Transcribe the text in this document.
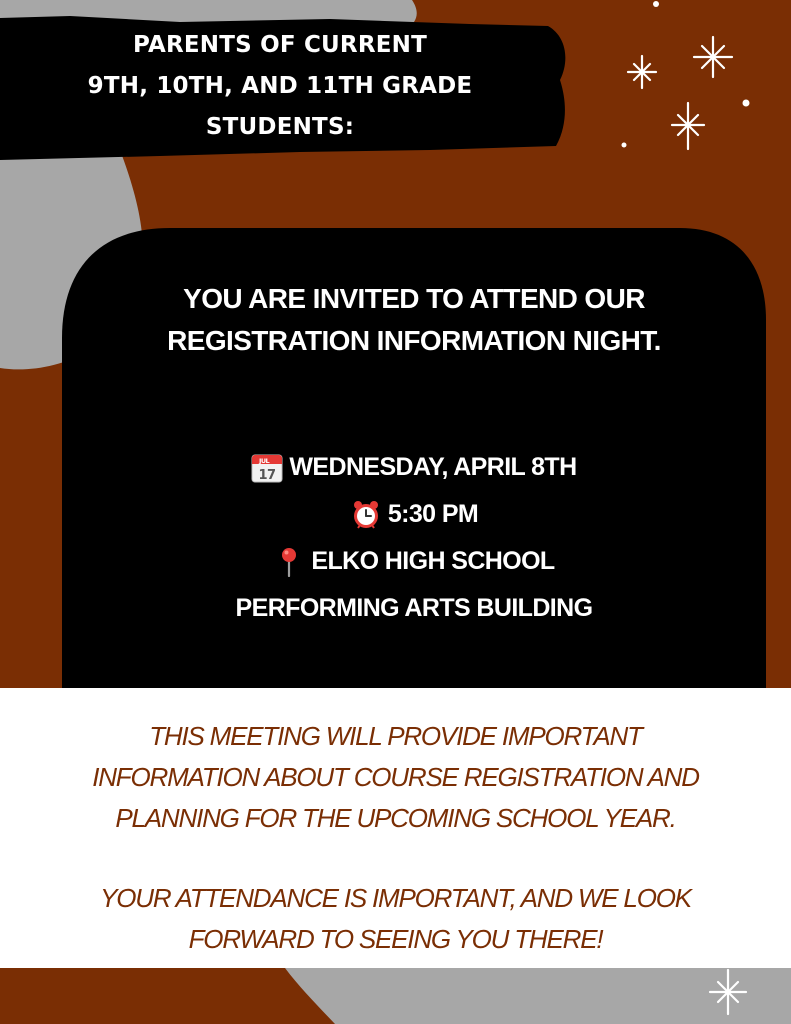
PARENTS OF CURRENT
9TH, 10TH, AND 11TH GRADE
STUDENTS:
YOU ARE INVITED TO ATTEND OUR
REGISTRATION INFORMATION NIGHT.
JUL
17 WEDNESDAY, APRIL 8TH
5:30 PM
ELKO HIGH SCHOOL
PERFORMING ARTS BUILDING
THIS MEETING WILL PROVIDE IMPORTANT
INFORMATION ABOUT COURSE REGISTRATION AND
PLANNING FOR THE UPCOMING SCHOOL YEAR.
YOUR ATTENDANCE IS IMPORTANT, AND WE LOOK
FORWARD TO SEEING YOU THERE!
